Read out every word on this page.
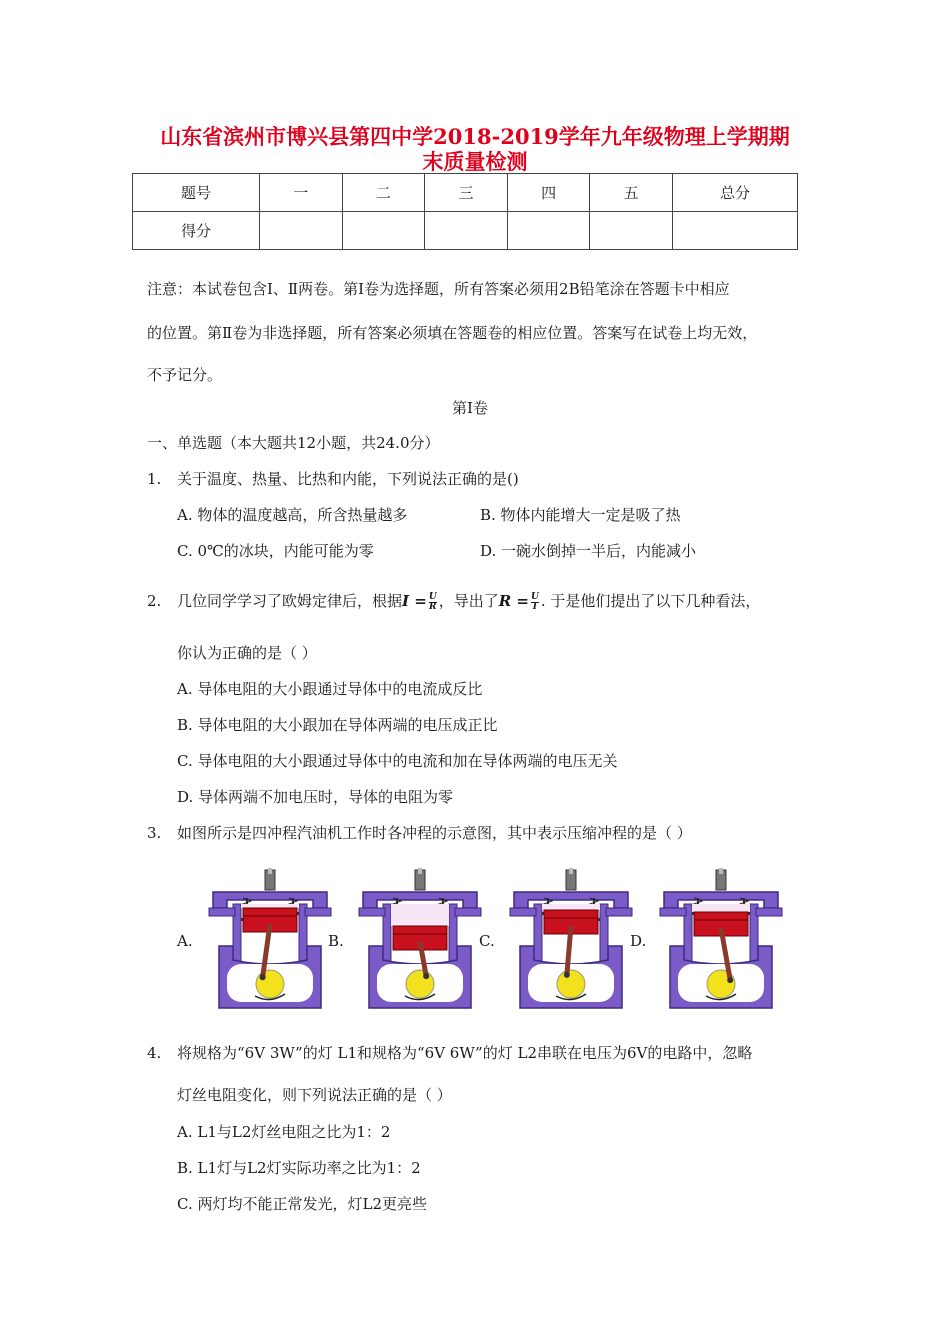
山东省滨州市博兴县第四中学2018-2019学年九年级物理上学期期
末质量检测
题号	一	二	三	四	五	总分
得分						
注意：本试卷包含Ⅰ、Ⅱ两卷。第Ⅰ卷为选择题，所有答案必须用2B铅笔涂在答题卡中相应
的位置。第Ⅱ卷为非选择题，所有答案必须填在答题卷的相应位置。答案写在试卷上均无效，
不予记分。
第Ⅰ卷
一、单选题（本大题共12小题，共24.0分）
1. 关于温度、热量、比热和内能，下列说法正确的是()
A. 物体的温度越高，所含热量越多	B. 物体内能增大一定是吸了热
C. 0℃的冰块，内能可能为零	D. 一碗水倒掉一半后，内能减小
2. 几位同学学习了欧姆定律后，根据$I = \frac{U}{R}$ ，导出了$R = \frac{U}{I}$ . 于是他们提出了以下几种看法，
你认为正确的是（ ）
A. 导体电阻的大小跟通过导体中的电流成反比
B. 导体电阻的大小跟加在导体两端的电压成正比
C. 导体电阻的大小跟通过导体中的电流和加在导体两端的电压无关
D. 导体两端不加电压时，导体的电阻为零
3. 如图所示是四冲程汽油机工作时各冲程的示意图，其中表示压缩冲程的是（ ）
A.	B.	C.	D.
4. 将规格为“6V 3W”的灯 L1和规格为“6V 6W”的灯 L2串联在电压为6V的电路中，忽略
灯丝电阻变化，则下列说法正确的是（ ）
A. L1与L2灯丝电阻之比为1：2
B. L1灯与L2灯实际功率之比为1：2
C. 两灯均不能正常发光，灯L2更亮些
